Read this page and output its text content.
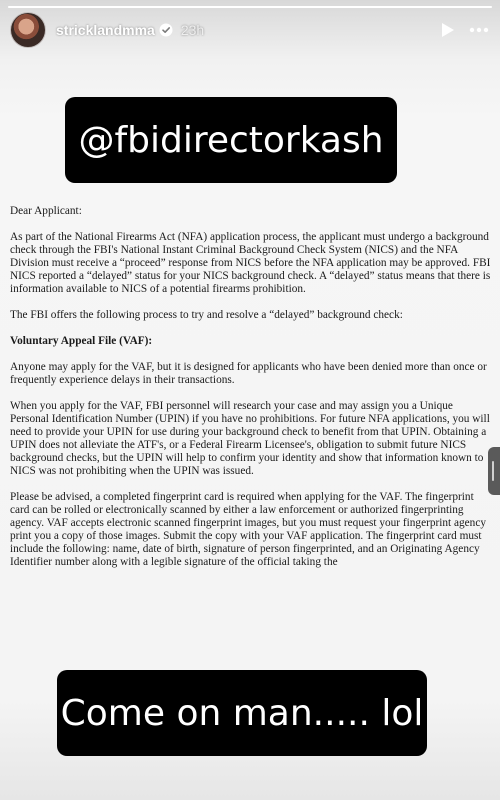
stricklandmma 23h
@fbidirectorkash

Dear Applicant:

As part of the National Firearms Act (NFA) application process, the applicant must undergo a background check through the FBI's National Instant Criminal Background Check System (NICS) and the NFA Division must receive a “proceed” response from NICS before the NFA application may be approved. FBI NICS reported a “delayed” status for your NICS background check. A “delayed” status means that there is information available to NICS of a potential firearms prohibition.

The FBI offers the following process to try and resolve a “delayed” background check:

Voluntary Appeal File (VAF):

Anyone may apply for the VAF, but it is designed for applicants who have been denied more than once or frequently experience delays in their transactions.

When you apply for the VAF, FBI personnel will research your case and may assign you a Unique Personal Identification Number (UPIN) if you have no prohibitions. For future NFA applications, you will need to provide your UPIN for use during your background check to benefit from that UPIN. Obtaining a UPIN does not alleviate the ATF's, or a Federal Firearm Licensee's, obligation to submit future NICS background checks, but the UPIN will help to confirm your identity and show that information known to NICS was not prohibiting when the UPIN was issued.

Please be advised, a completed fingerprint card is required when applying for the VAF. The fingerprint card can be rolled or electronically scanned by either a law enforcement or authorized fingerprinting agency. VAF accepts electronic scanned fingerprint images, but you must request your fingerprint agency print you a copy of those images. Submit the copy with your VAF application. The fingerprint card must include the following: name, date of birth, signature of person fingerprinted, and an Originating Agency Identifier number along with a legible signature of the official taking the

Come on man..... lol
